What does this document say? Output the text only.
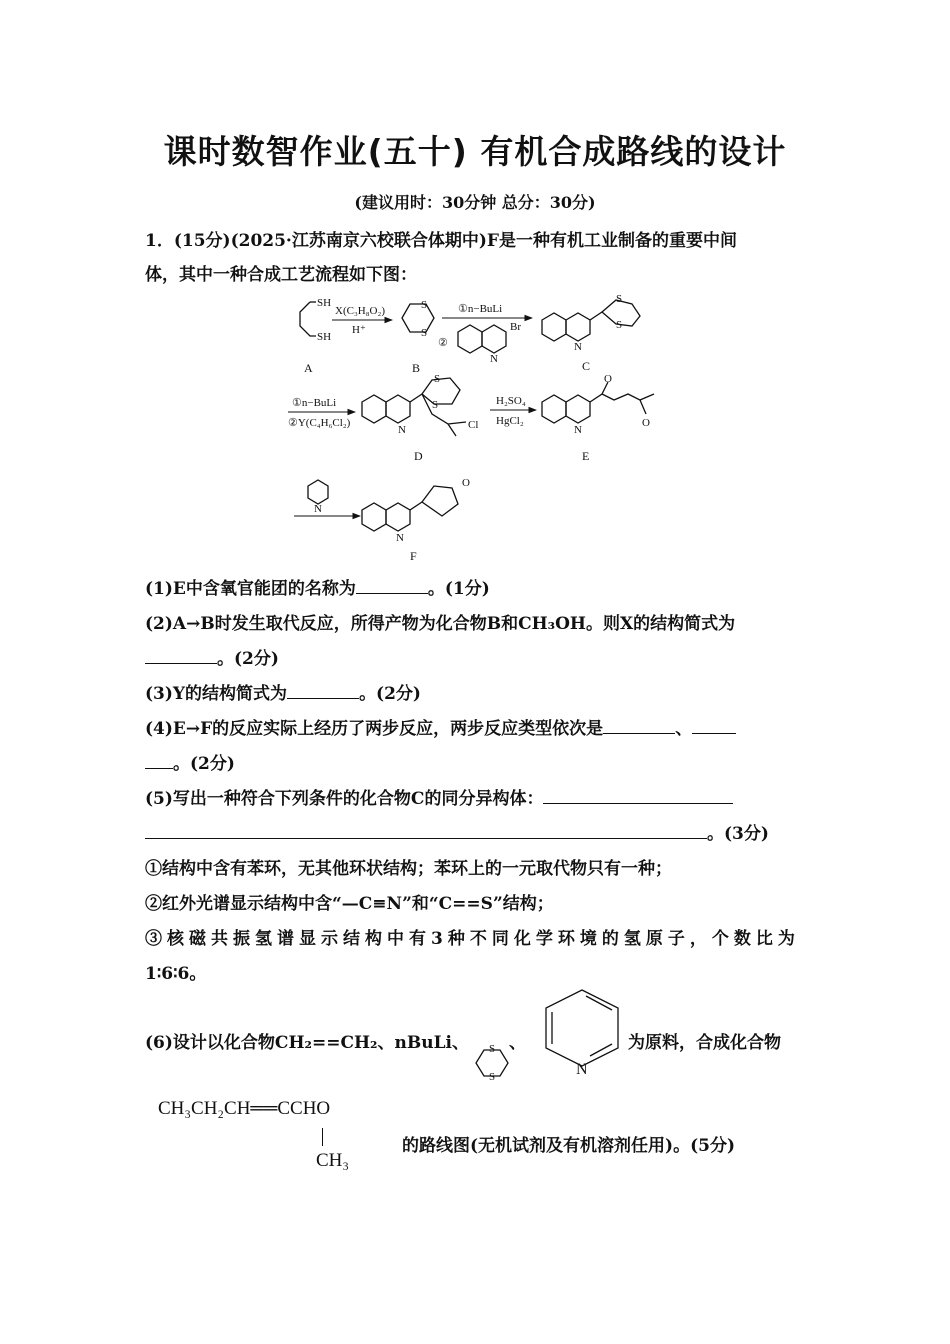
课时数智作业(五十) 有机合成路线的设计
(建议用时：30分钟 总分：30分)
1．(15分)(2025·江苏南京六校联合体期中)F是一种有机工业制备的重要中间
体，其中一种合成工艺流程如下图：
SH
SH
A
X(C₃H₈O₂)
H⁺
S
S
B
①n−BuLi
②
N
Br
N
S
S
C
①n−BuLi
②Y(C₄H₆Cl₂)
N
S
S
Cl
D
H₂SO₄
HgCl₂
N
O
O
E
N
N
O
F
(1)E中含氧官能团的名称为	。(1分)
(2)A→B时发生取代反应，所得产物为化合物B和CH₃OH。则X的结构简式为
。(2分)
(3)Y的结构简式为	。(2分)
(4)E→F的反应实际上经历了两步反应，两步反应类型依次是	、
。(2分)
(5)写出一种符合下列条件的化合物C的同分异构体：
。(3分)
①结构中含有苯环，无其他环状结构；苯环上的一元取代物只有一种；
②红外光谱显示结构中含“—C≡N”和“C==S”结构；
③核磁共振氢谱显示结构中有3种不同化学环境的氢原子，个数比为
1∶6∶6。
(6)设计以化合物CH₂==CH₂、nBuLi、 、
S
S	N
为原料，合成化合物
CH₃CH₂CH══CCHO
CH₃
的路线图(无机试剂及有机溶剂任用)。(5分)
